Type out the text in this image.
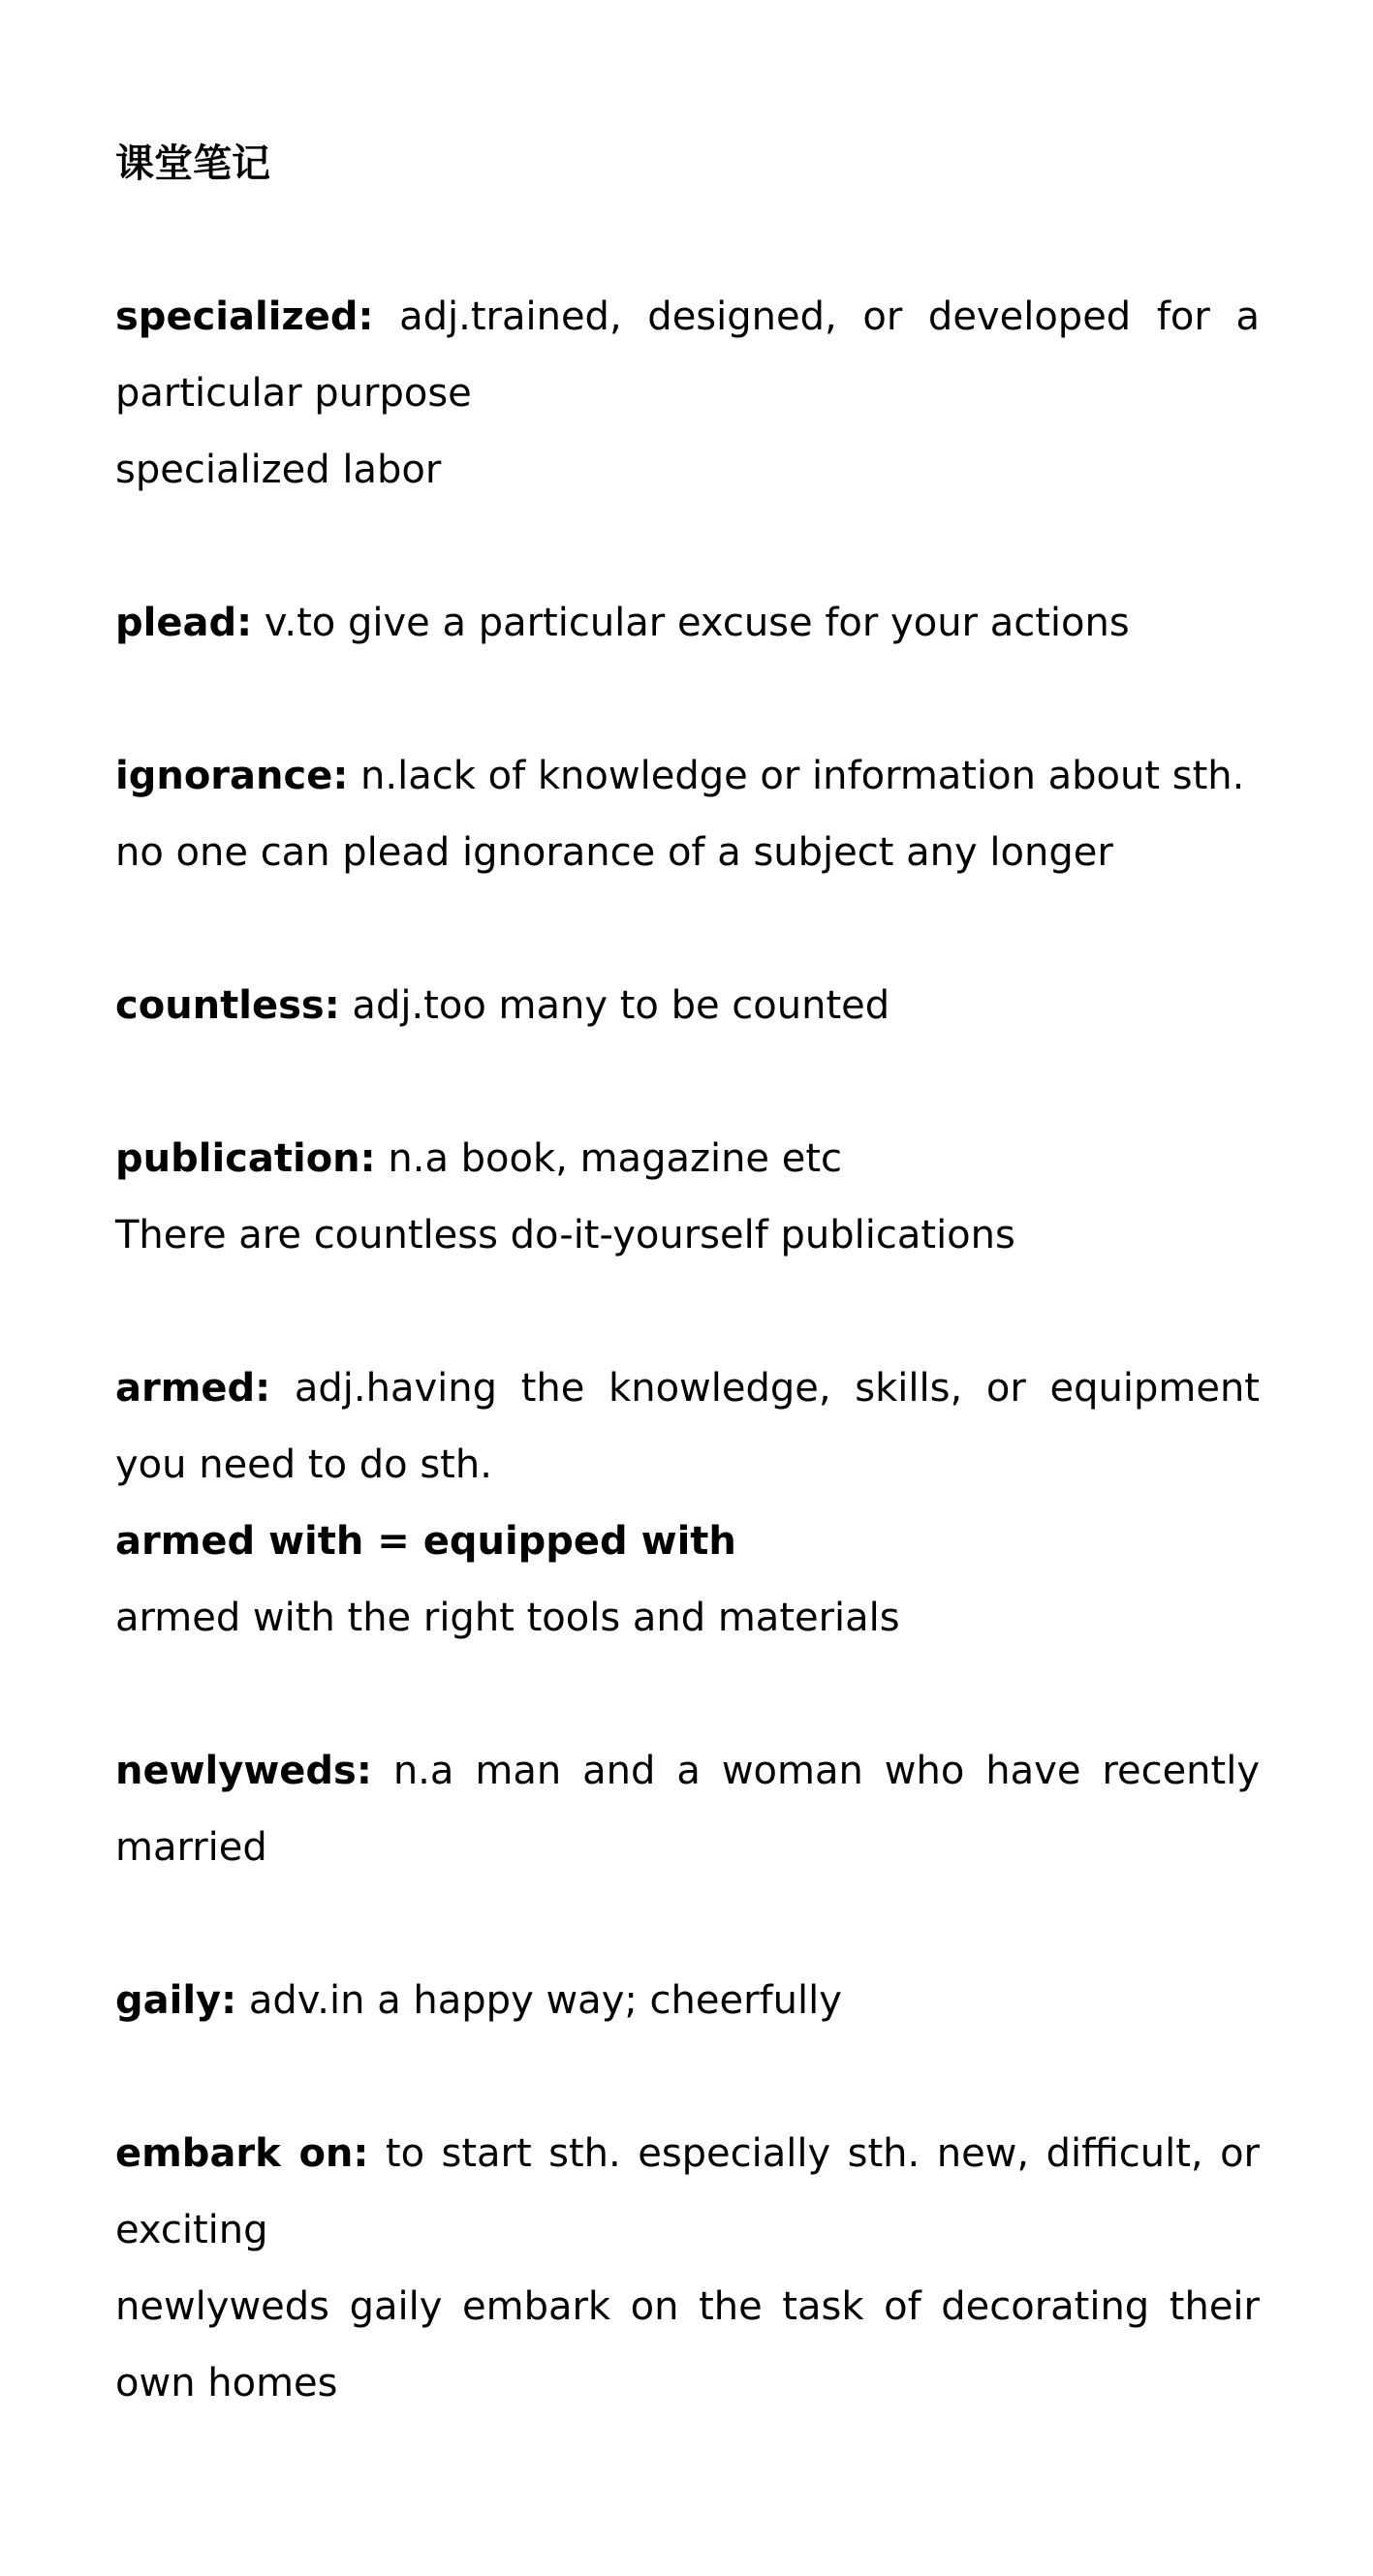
课堂笔记

specialized: adj.trained, designed, or developed for a particular purpose

specialized labor

plead: v.to give a particular excuse for your actions

ignorance: n.lack of knowledge or information about sth.

no one can plead ignorance of a subject any longer

countless: adj.too many to be counted

publication: n.a book, magazine etc

There are countless do-it-yourself publications

armed: adj.having the knowledge, skills, or equipment you need to do sth.

armed with = equipped with

armed with the right tools and materials

newlyweds: n.a man and a woman who have recently married

gaily: adv.in a happy way; cheerfully

embark on: to start sth. especially sth. new, difficult, or exciting

newlyweds gaily embark on the task of decorating their own homes
